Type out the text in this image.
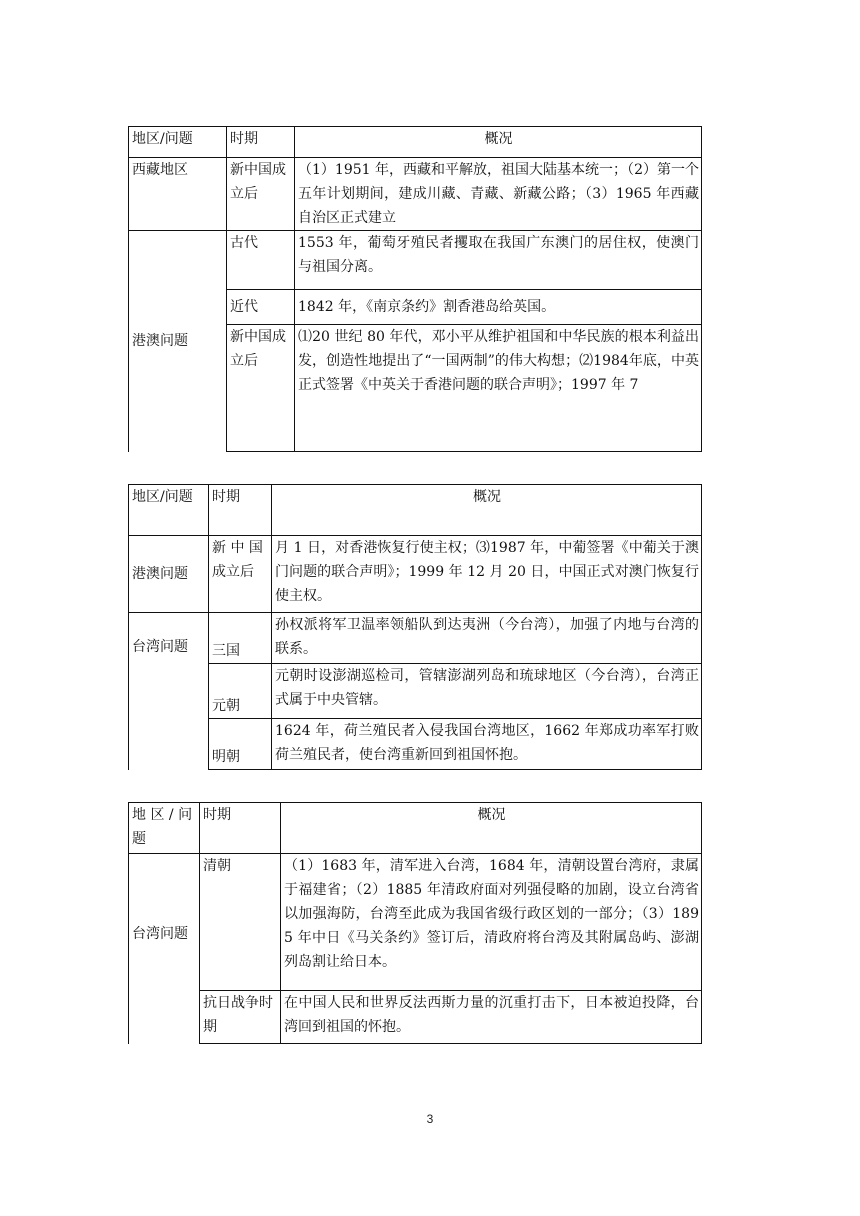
地区/问题	时期	概况
西藏地区	新中国成立后	（1）1951 年，西藏和平解放，祖国大陆基本统一；（2）第一个五年计划期间，建成川藏、青藏、新藏公路；（3）1965 年西藏自治区正式建立
港澳问题	古代	1553 年，葡萄牙殖民者攫取在我国广东澳门的居住权，使澳门与祖国分离。
	近代	1842 年，《南京条约》割香港岛给英国。
	新中国成立后	⑴20 世纪 80 年代，邓小平从维护祖国和中华民族的根本利益出发，创造性地提出了“一国两制”的伟大构想；⑵1984年底，中英正式签署《中英关于香港问题的联合声明》；1997 年 7
地区/问题	时期	概况
港澳问题	新 中 国成立后	月 1 日，对香港恢复行使主权；⑶1987 年，中葡签署《中葡关于澳门问题的联合声明》；1999 年 12 月 20 日，中国正式对澳门恢复行使主权。
台湾问题	三国	孙权派将军卫温率领船队到达夷洲（今台湾），加强了内地与台湾的联系。
	元朝	元朝时设澎湖巡检司，管辖澎湖列岛和琉球地区（今台湾），台湾正式属于中央管辖。
	明朝	1624 年，荷兰殖民者入侵我国台湾地区，1662 年郑成功率军打败荷兰殖民者，使台湾重新回到祖国怀抱。
地 区 / 问题	时期	概况
台湾问题	清朝	（1）1683 年，清军进入台湾，1684 年，清朝设置台湾府，隶属于福建省；（2）1885 年清政府面对列强侵略的加剧，设立台湾省以加强海防，台湾至此成为我国省级行政区划的一部分；（3）1895 年中日《马关条约》签订后，清政府将台湾及其附属岛屿、澎湖列岛割让给日本。
	抗日战争时期	在中国人民和世界反法西斯力量的沉重打击下，日本被迫投降，台湾回到祖国的怀抱。
3
